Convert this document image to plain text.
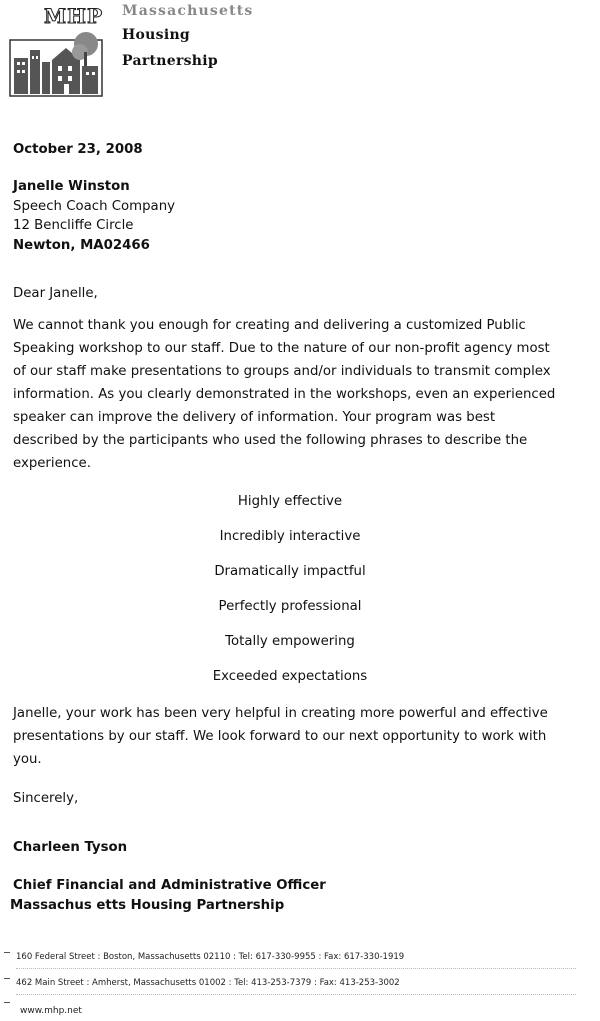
MHP Massachusetts
Housing
Partnership
October 23, 2008
Janelle Winston
Speech Coach Company
12 Bencliffe Circle
Newton, MA02466
Dear Janelle,
We cannot thank you enough for creating and delivering a customized Public
Speaking workshop to our staff. Due to the nature of our non-profit agency most
of our staff make presentations to groups and/or individuals to transmit complex
information. As you clearly demonstrated in the workshops, even an experienced
speaker can improve the delivery of information. Your program was best
described by the participants who used the following phrases to describe the
experience.
Highly effective
Incredibly interactive
Dramatically impactful
Perfectly professional
Totally empowering
Exceeded expectations
Janelle, your work has been very helpful in creating more powerful and effective
presentations by our staff. We look forward to our next opportunity to work with
you.
Sincerely,
Charleen Tyson
Chief Financial and Administrative Officer
Massachus etts Housing Partnership
160 Federal Street : Boston, Massachusetts 02110 : Tel: 617-330-9955 : Fax: 617-330-1919
462 Main Street : Amherst, Massachusetts 01002 : Tel: 413-253-7379 : Fax: 413-253-3002
www.mhp.net
